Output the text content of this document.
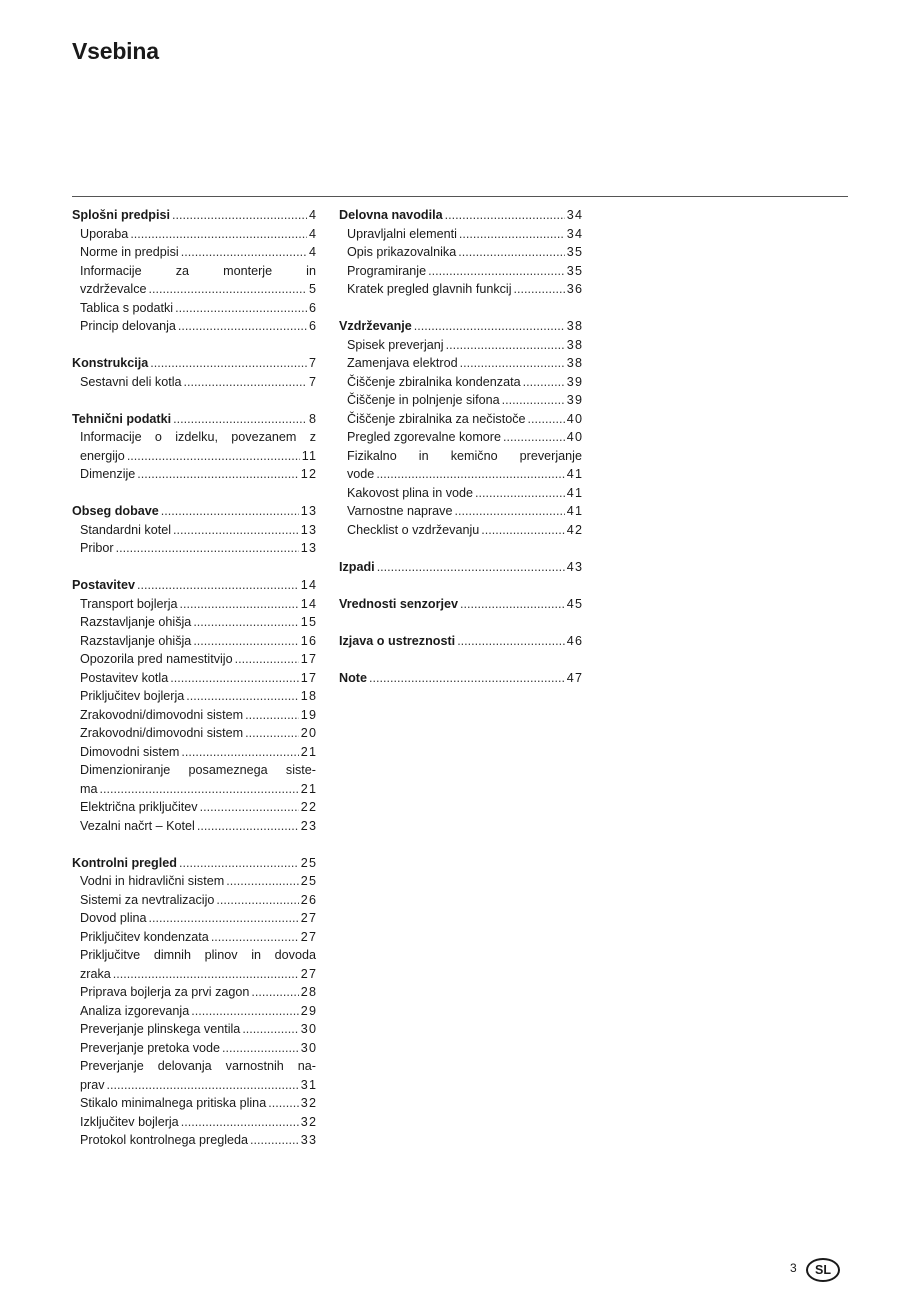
Vsebina
Splošni predpisi .....	4
Uporaba .....	4
Norme in predpisi .....	4
Informacije za monterje in
vzdrževalce .....	5
Tablica s podatki .....	6
Princip delovanja .....	6
Konstrukcija .....	7
Sestavni deli kotla .....	7
Tehnični podatki .....	8
Informacije o izdelku, povezanem z
energijo .....	11
Dimenzije .....	12
Obseg dobave .....	13
Standardni kotel .....	13
Pribor .....	13
Postavitev .....	14
Transport bojlerja .....	14
Razstavljanje ohišja .....	15
Razstavljanje ohišja .....	16
Opozorila pred namestitvijo .....	17
Postavitev kotla .....	17
Priključitev bojlerja .....	18
Zrakovodni/dimovodni sistem .....	19
Zrakovodni/dimovodni sistem .....	20
Dimovodni sistem .....	21
Dimenzioniranje posameznega siste-
ma .....	21
Električna priključitev .....	22
Vezalni načrt – Kotel .....	23
Kontrolni pregled .....	25
Vodni in hidravlični sistem .....	25
Sistemi za nevtralizacijo .....	26
Dovod plina .....	27
Priključitev kondenzata .....	27
Priključitve dimnih plinov in dovoda
zraka .....	27
Priprava bojlerja za prvi zagon .....	28
Analiza izgorevanja .....	29
Preverjanje plinskega ventila .....	30
Preverjanje pretoka vode .....	30
Preverjanje delovanja varnostnih na-
prav .....	31
Stikalo minimalnega pritiska plina .....	32
Izključitev bojlerja .....	32
Protokol kontrolnega pregleda .....	33
Delovna navodila .....	34
Upravljalni elementi .....	34
Opis prikazovalnika .....	35
Programiranje .....	35
Kratek pregled glavnih funkcij .....	36
Vzdrževanje .....	38
Spisek preverjanj .....	38
Zamenjava elektrod .....	38
Čiščenje zbiralnika kondenzata .....	39
Čiščenje in polnjenje sifona .....	39
Čiščenje zbiralnika za nečistoče .....	40
Pregled zgorevalne komore .....	40
Fizikalno in kemično preverjanje
vode .....	41
Kakovost plina in vode .....	41
Varnostne naprave .....	41
Checklist o vzdrževanju .....	42
Izpadi .....	43
Vrednosti senzorjev .....	45
Izjava o ustreznosti .....	46
Note .....	47
3	SL
